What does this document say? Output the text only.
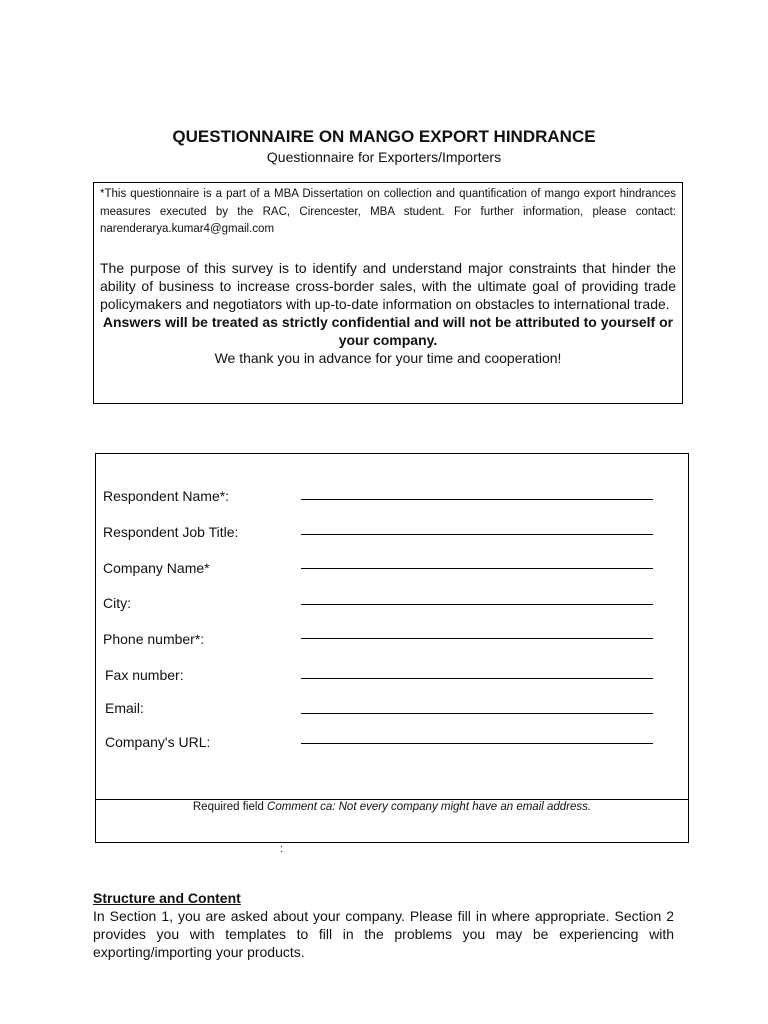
QUESTIONNAIRE ON MANGO EXPORT HINDRANCE

Questionnaire for Exporters/Importers

*This questionnaire is a part of a MBA Dissertation on collection and quantification of mango export hindrances measures executed by the RAC, Cirencester, MBA student. For further information, please contact: narenderarya.kumar4@gmail.com

The purpose of this survey is to identify and understand major constraints that hinder the ability of business to increase cross-border sales, with the ultimate goal of providing trade policymakers and negotiators with up-to-date information on obstacles to international trade.

Answers will be treated as strictly confidential and will not be attributed to yourself or your company.

We thank you in advance for your time and cooperation!

Respondent Name*:
Respondent Job Title:
Company Name*
City:
Phone number*:
Fax number:
Email:
Company's URL:
Required field Comment ca: Not every company might have an email address.
:

Structure and Content

In Section 1, you are asked about your company. Please fill in where appropriate. Section 2 provides you with templates to fill in the problems you may be experiencing with exporting/importing your products.
